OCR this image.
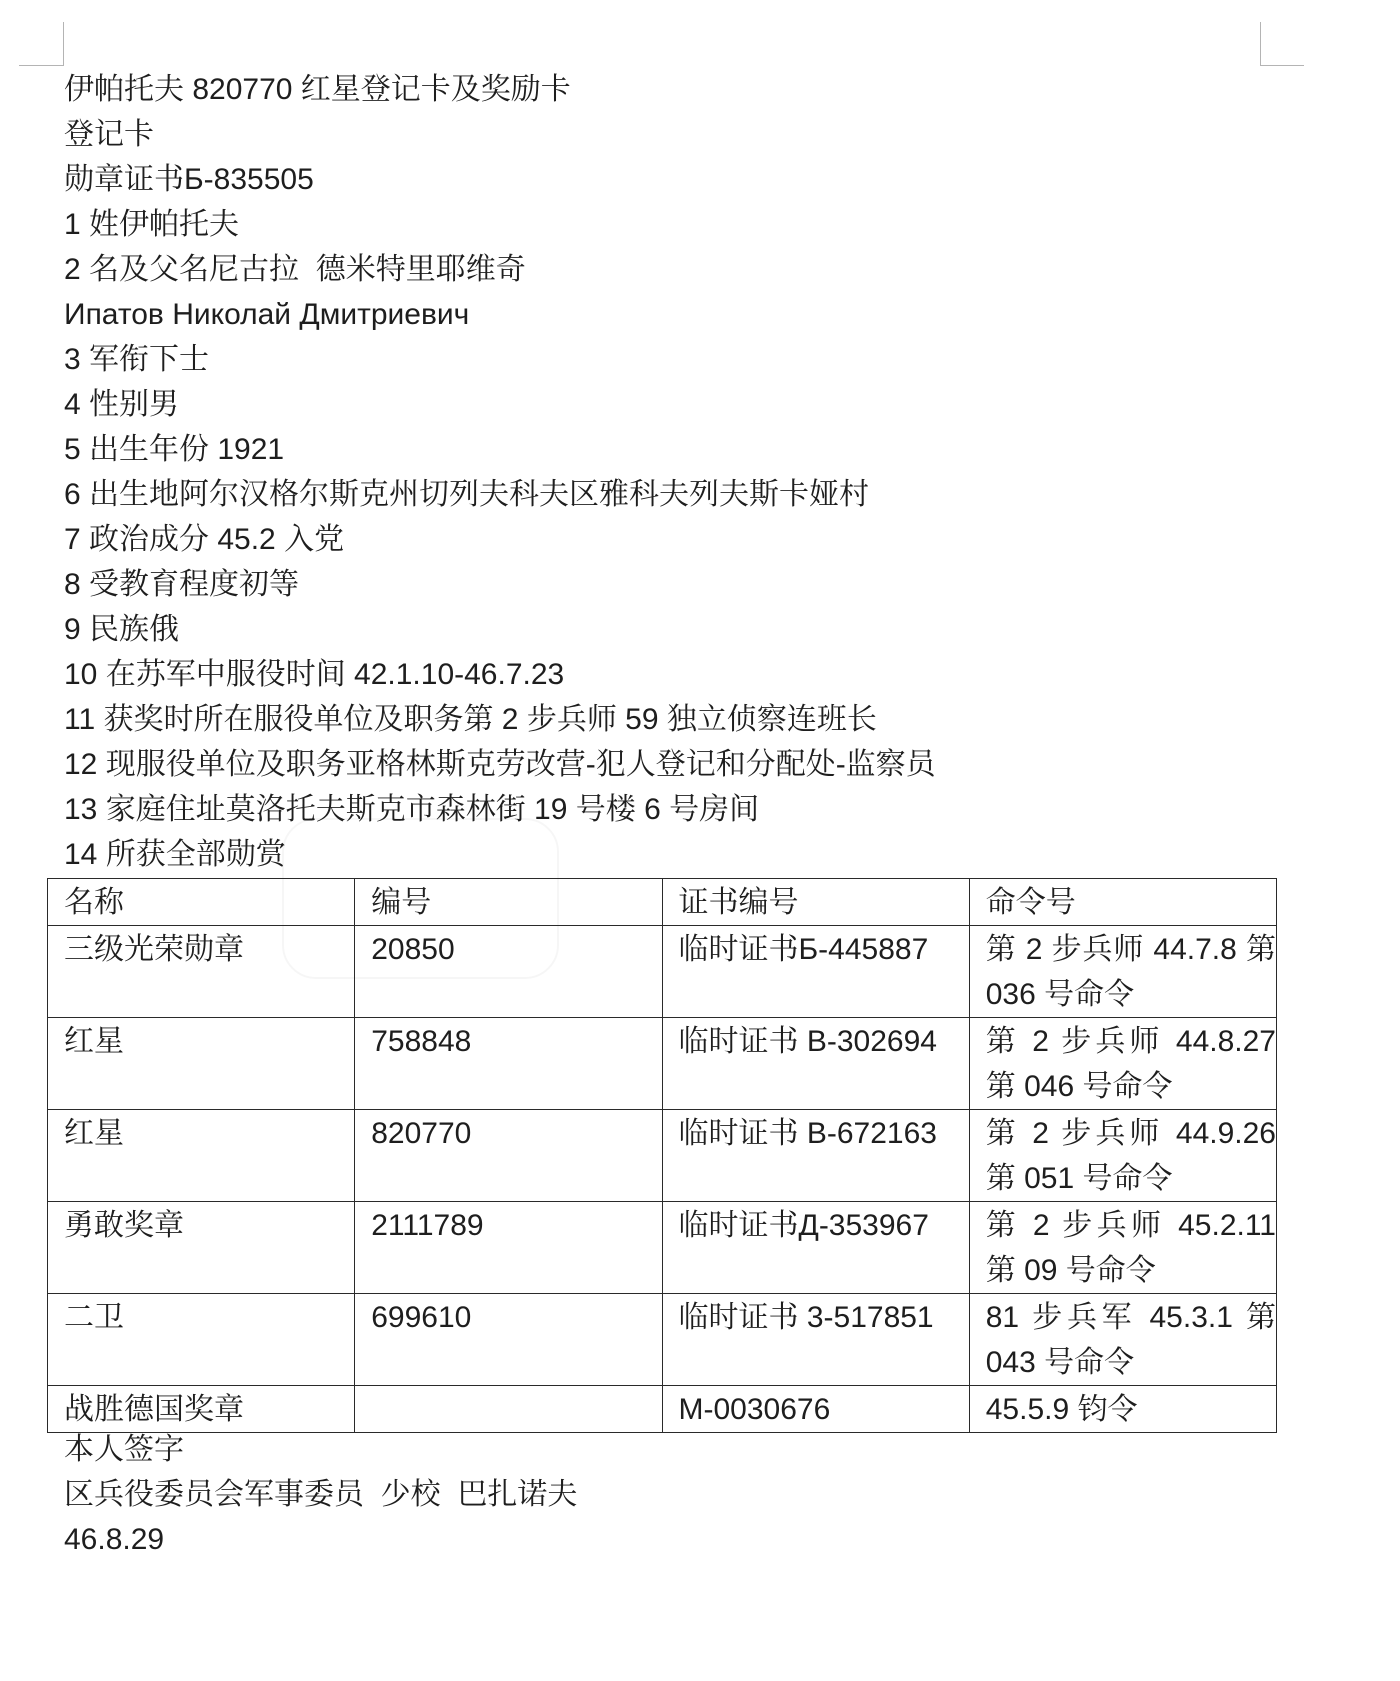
伊帕托夫 820770 红星登记卡及奖励卡
登记卡
勋章证书Б-835505
1 姓伊帕托夫
2 名及父名尼古拉  德米特里耶维奇
Ипатов Николай Дмитриевич
3 军衔下士
4 性别男
5 出生年份 1921
6 出生地阿尔汉格尔斯克州切列夫科夫区雅科夫列夫斯卡娅村
7 政治成分 45.2 入党
8 受教育程度初等
9 民族俄
10 在苏军中服役时间 42.1.10-46.7.23
11 获奖时所在服役单位及职务第 2 步兵师 59 独立侦察连班长
12 现服役单位及职务亚格林斯克劳改营-犯人登记和分配处-监察员
13 家庭住址莫洛托夫斯克市森林街 19 号楼 6 号房间
14 所获全部勋赏
名称	编号	证书编号	命令号
三级光荣勋章	20850	临时证书Б-445887	第 2 步兵师 44.7.8 第 036 号命令
红星	758848	临时证书 В-302694	第 2 步兵师 44.8.27 第 046 号命令
红星	820770	临时证书 В-672163	第 2 步兵师 44.9.26 第 051 号命令
勇敢奖章	2111789	临时证书Д-353967	第 2 步兵师 45.2.11 第 09 号命令
二卫	699610	临时证书 3-517851	81 步兵军 45.3.1 第 043 号命令
战胜德国奖章		М-0030676	45.5.9 钧令
本人签字
区兵役委员会军事委员  少校  巴扎诺夫
46.8.29
